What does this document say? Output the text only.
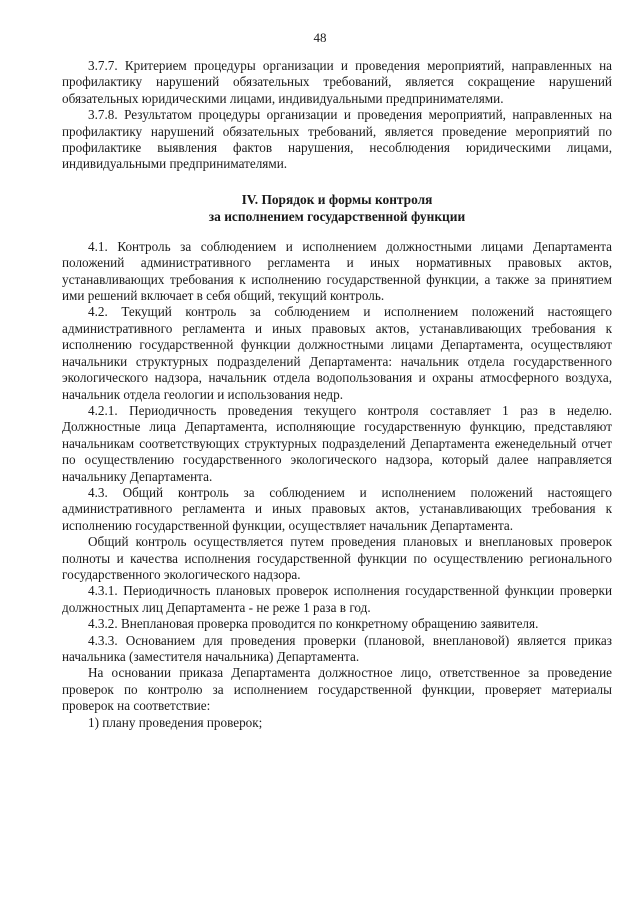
48

3.7.7. Критерием процедуры организации и проведения мероприятий, направленных на профилактику нарушений обязательных требований, является сокращение нарушений обязательных юридическими лицами, индивидуальными предпринимателями.

3.7.8. Результатом процедуры организации и проведения мероприятий, направленных на профилактику нарушений обязательных требований, является проведение мероприятий по профилактике выявления фактов нарушения, несоблюдения юридическими лицами, индивидуальными предпринимателями.

IV. Порядок и формы контроля
за исполнением государственной функции

4.1. Контроль за соблюдением и исполнением должностными лицами Департамента положений административного регламента и иных нормативных правовых актов, устанавливающих требования к исполнению государственной функции, а также за принятием ими решений включает в себя общий, текущий контроль.

4.2. Текущий контроль за соблюдением и исполнением положений настоящего административного регламента и иных правовых актов, устанавливающих требования к исполнению государственной функции должностными лицами Департамента, осуществляют начальники структурных подразделений Департамента: начальник отдела государственного экологического надзора, начальник отдела водопользования и охраны атмосферного воздуха, начальник отдела геологии и использования недр.

4.2.1. Периодичность проведения текущего контроля составляет 1 раз в неделю. Должностные лица Департамента, исполняющие государственную функцию, представляют начальникам соответствующих структурных подразделений Департамента еженедельный отчет по осуществлению государственного экологического надзора, который далее направляется начальнику Департамента.

4.3. Общий контроль за соблюдением и исполнением положений настоящего административного регламента и иных правовых актов, устанавливающих требования к исполнению государственной функции, осуществляет начальник Департамента.

Общий контроль осуществляется путем проведения плановых и внеплановых проверок полноты и качества исполнения государственной функции по осуществлению регионального государственного экологического надзора.

4.3.1. Периодичность плановых проверок исполнения государственной функции проверки должностных лиц Департамента - не реже 1 раза в год.

4.3.2. Внеплановая проверка проводится по конкретному обращению заявителя.

4.3.3. Основанием для проведения проверки (плановой, внеплановой) является приказ начальника (заместителя начальника) Департамента.

На основании приказа Департамента должностное лицо, ответственное за проведение проверок по контролю за исполнением государственной функции, проверяет материалы проверок на соответствие:

1) плану проведения проверок;
